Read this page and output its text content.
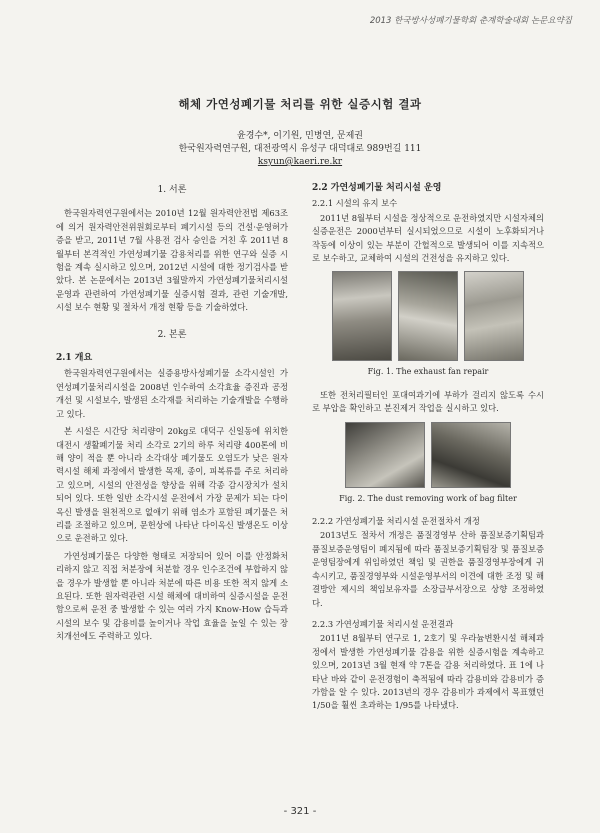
2013 한국방사성폐기물학회 춘계학술대회 논문요약집
해체 가연성폐기물 처리를 위한 실증시험 결과
윤경수*, 이기원, 민병연, 문제권
한국원자력연구원, 대전광역시 유성구 대덕대로 989번길 111
ksyun@kaeri.re.kr
1. 서론

한국원자력연구원에서는 2010년 12월 원자력안전법 제63조에 의거 원자력안전위원회로부터 폐기시설 등의 건설·운영허가증을 받고, 2011년 7월 사용전 검사 승인을 거친 후 2011년 8월부터 본격적인 가연성폐기물 감용처리를 위한 연구와 실증 시험을 계속 실시하고 있으며, 2012년 시설에 대한 정기검사를 받았다. 본 논문에서는 2013년 3월말까지 가연성폐기물처리시설 운영과 관련하여 가연성폐기물 실증시험 결과, 관련 기술개발, 시설 보수 현황 및 절차서 개정 현황 등을 기술하였다.

2. 본론
2.1 개요

한국원자력연구원에서는 실증용방사성폐기물 소각시설인 가연성폐기물처리시설을 2008년 인수하여 소각효율 증진과 공정개선 및 시설보수, 발생된 소각재를 처리하는 기술개발을 수행하고 있다.

본 시설은 시간당 처리량이 20kg로 대덕구 신일동에 위치한 대전시 생활폐기물 처리 소각로 2기의 하루 처리량 400톤에 비해 양이 적을 뿐 아니라 소각대상 폐기물도 오염도가 낮은 원자력시설 해체 과정에서 발생한 목재, 종이, 피복류를 주로 처리하고 있으며, 시설의 안전성을 향상을 위해 각종 감시장치가 설치되어 있다. 또한 일반 소각시설 운전에서 가장 문제가 되는 다이옥신 발생을 원천적으로 없애기 위해 염소가 포함된 폐기물은 처리를 조절하고 있으며, 문헌상에 나타난 다이옥신 발생온도 이상으로 운전하고 있다.

가연성폐기물은 다양한 형태로 저장되어 있어 이를 안정화처리하지 않고 직접 처분장에 처분할 경우 인수조건에 부합하지 않을 경우가 발생할 뿐 아니라 처분에 따른 비용 또한 적지 않게 소요된다. 또한 원자력관련 시설 해체에 대비하여 실증시설을 운전함으로써 운전 중 발생할 수 있는 여러 가지 Know-How 습득과 시설의 보수 및 감용비를 높이거나 작업 효율을 높일 수 있는 장치개선에도 주력하고 있다.

2.2 가연성폐기물 처리시설 운영
2.2.1 시설의 유지 보수

2011년 8월부터 시설을 정상적으로 운전하였지만 시설자체의 실증운전은 2000년부터 실시되었으므로 시설이 노후화되거나 작동에 이상이 있는 부분이 간헐적으로 발생되어 이를 지속적으로 보수하고, 교체하여 시설의 건전성을 유지하고 있다.

Fig. 1. The exhaust fan repair

또한 전처리필터인 포대여과기에 부하가 걸리지 않도록 수시로 부압을 확인하고 분진제거 작업을 실시하고 있다.

Fig. 2. The dust removing work of bag filter
2.2.2 가연성폐기물 처리시설 운전절차서 개정

2013년도 절차서 개정은 품질경영부 산하 품질보증기획팀과 품질보증운영팀이 폐지됨에 따라 품질보증기획팀장 및 품질보증운영팀장에게 위임하였던 책임 및 권한을 품질경영부장에게 귀속시키고, 품질경영부와 시설운영부서의 이견에 대한 조정 및 해결방안 제시의 책임보유자를 소장급부서장으로 상향 조정하였다.

2.2.3 가연성폐기물 처리시설 운전결과

2011년 8월부터 연구로 1, 2호기 및 우라늄변환시설 해체과정에서 발생한 가연성폐기물 감용을 위한 실증시험을 계속하고 있으며, 2013년 3월 현재 약 7톤을 감용 처리하였다. 표 1에 나타난 바와 같이 운전경험이 축적됨에 따라 감용비와 감용비가 증가함을 알 수 있다. 2013년의 경우 감용비가 과제에서 목표했던 1/50을 훨씬 초과하는 1/95를 나타냈다.

- 321 -
